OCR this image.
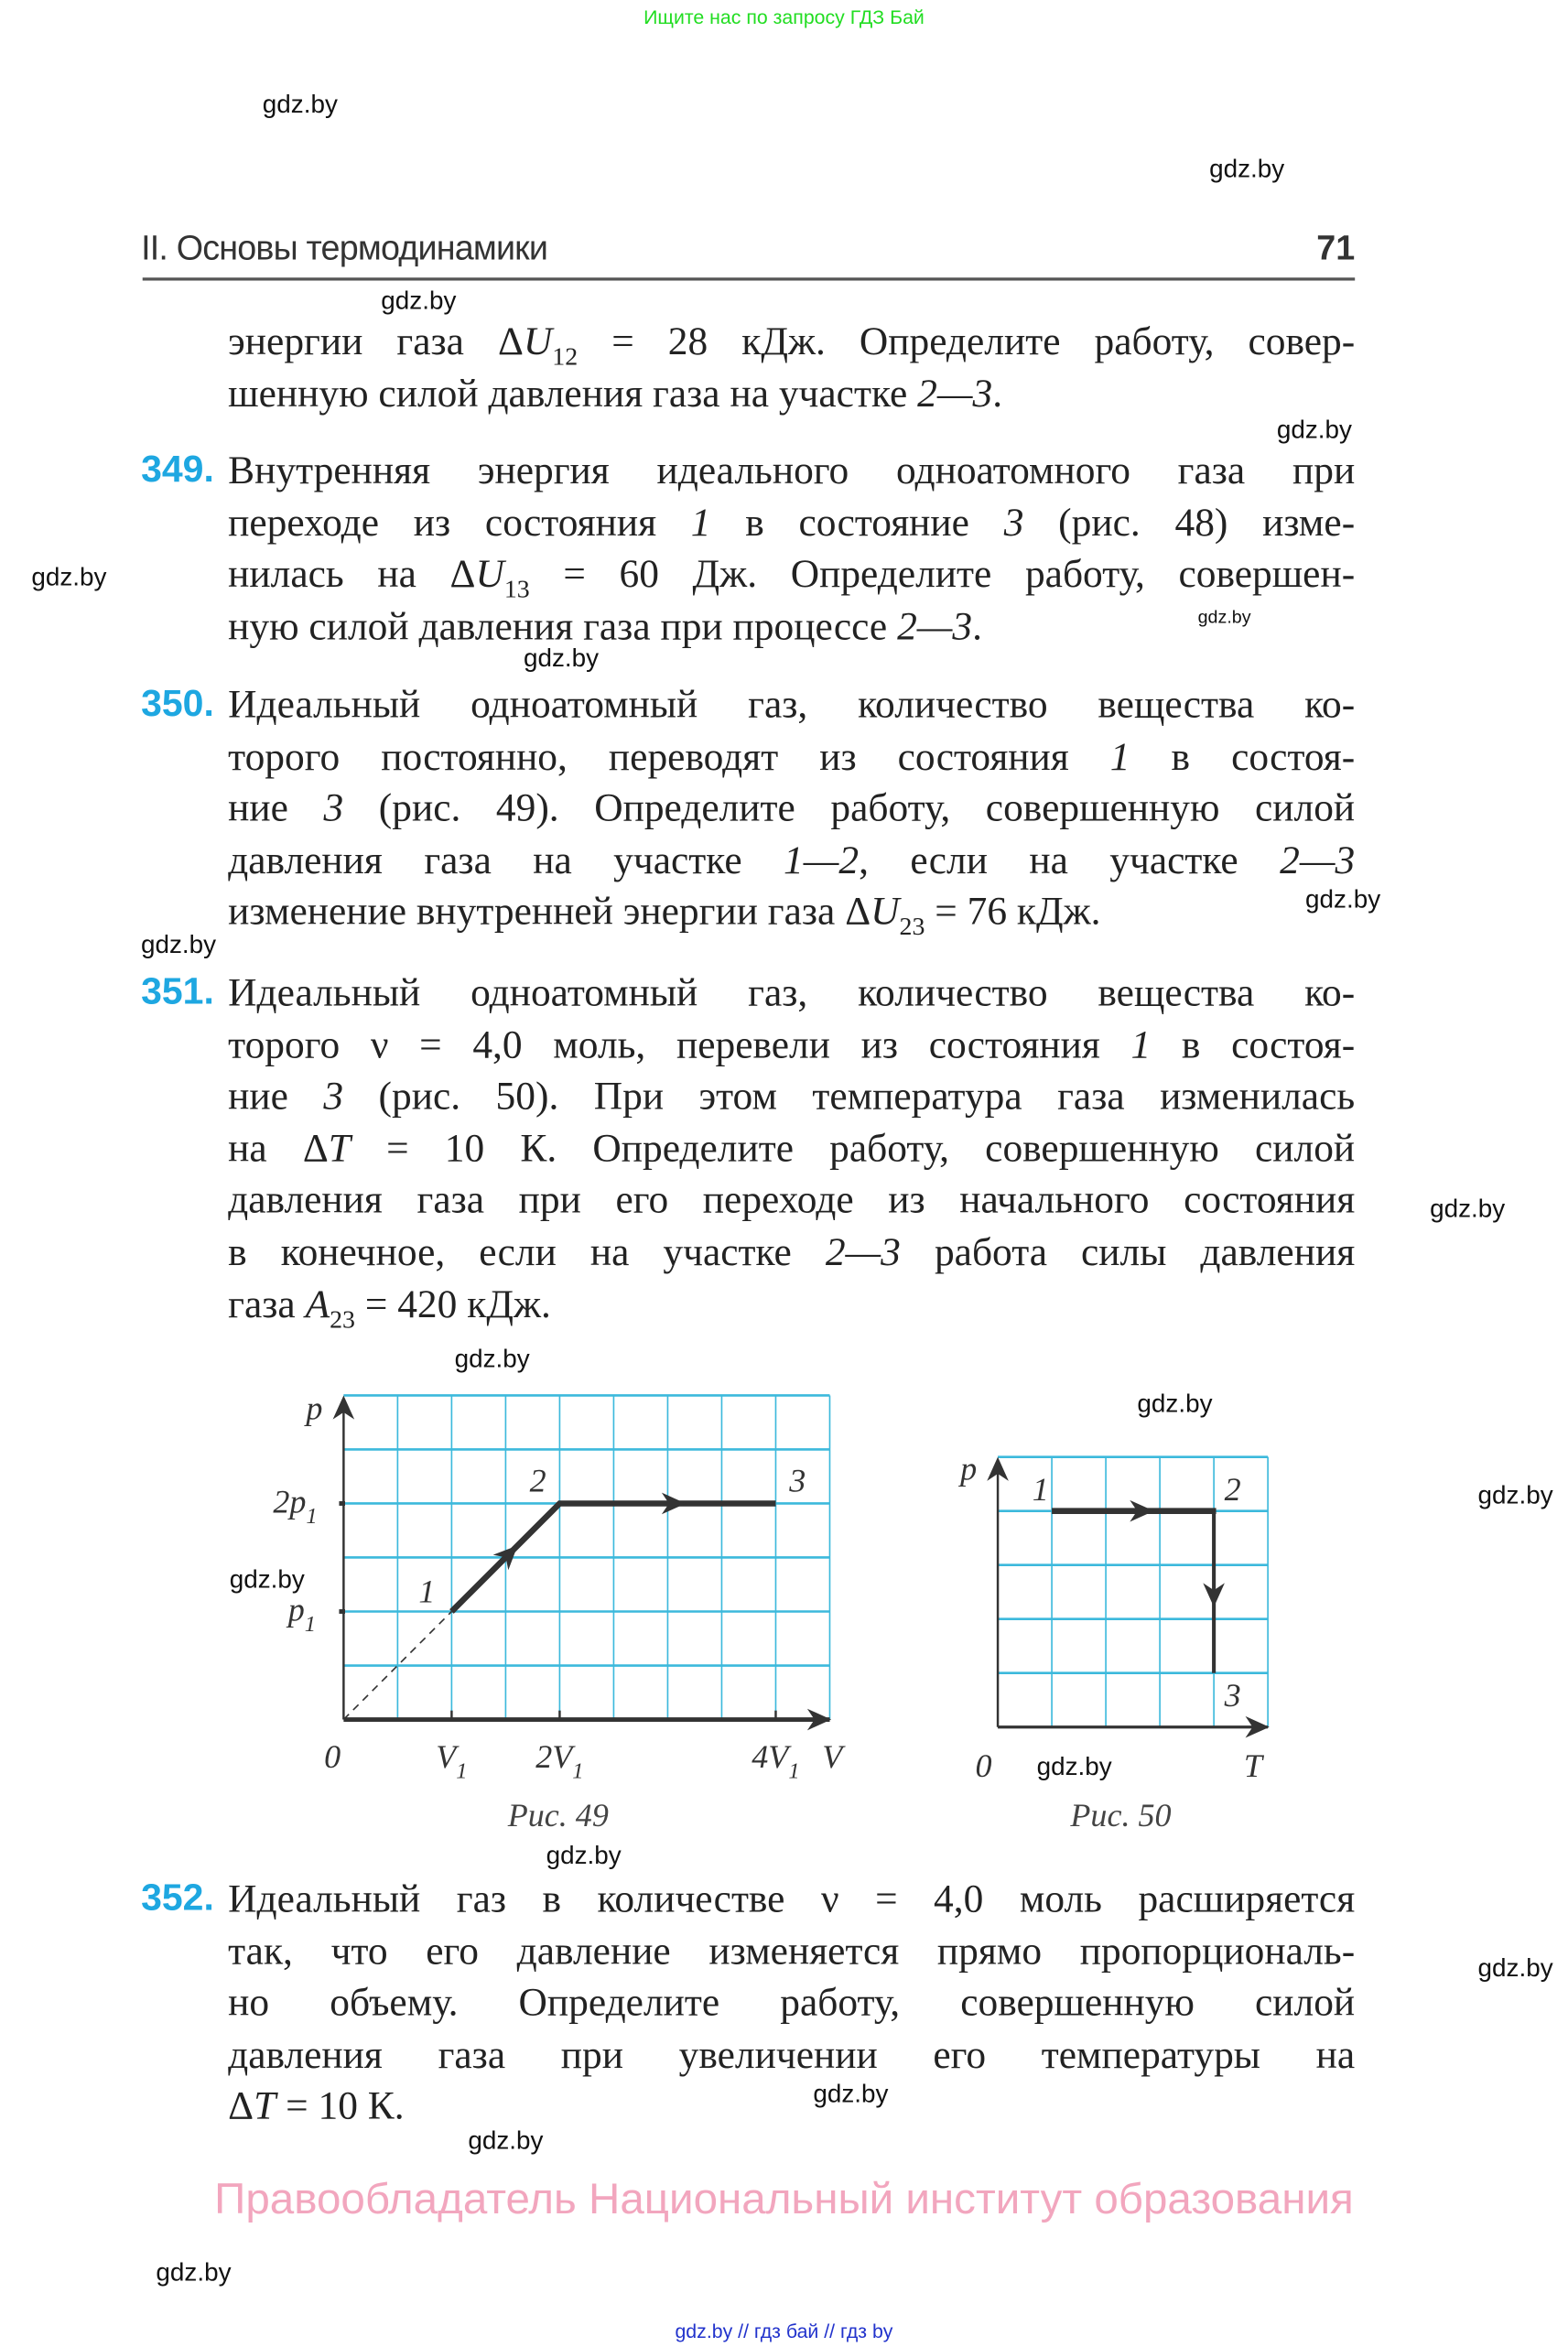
Ищите нас по запросу ГДЗ Бай
II. Основы термодинамики	71
энергии газа $\Delta U_{12} = 28$ кДж. Определите работу, совер-
шенную силой давления газа на участке 2—3.
349. Внутренняя энергия идеального одноатомного газа при
переходе из состояния 1 в состояние 3 (рис. 48) изме-
нилась на $\Delta U_{13} = 60$ Дж. Определите работу, совершен-
ную силой давления газа при процессе 2—3.
350. Идеальный одноатомный газ, количество вещества ко-
торого постоянно, переводят из состояния 1 в состоя-
ние 3 (рис. 49). Определите работу, совершенную силой
давления газа на участке 1—2, если на участке 2—3
изменение внутренней энергии газа $\Delta U_{23} = 76$ кДж.
351. Идеальный одноатомный газ, количество вещества ко-
торого ν = 4,0 моль, перевели из состояния 1 в состоя-
ние 3 (рис. 50). При этом температура газа изменилась
на ΔT = 10 К. Определите работу, совершенную силой
давления газа при его переходе из начального состояния
в конечное, если на участке 2—3 работа силы давления
газа $A_{23} = 420$ кДж.
352. Идеальный газ в количестве ν = 4,0 моль расширяется
так, что его давление изменяется прямо пропорциональ-
но объему. Определите работу, совершенную силой
давления газа при увеличении его температуры на
ΔT = 10 К.
$V_1$	$2V_1$	$4V_1$
$2p_1$
$p_1$
V
p
0
1
2	3	1	2
3
T
p
0
Рис. 49	Рис. 50
gdz.by
gdz.by
gdz.by
gdz.by
gdz.by
gdz.by
gdz.by
gdz.by
gdz.by
gdz.by
gdz.by
gdz.by
gdz.by
gdz.by
gdz.by
gdz.by
gdz.by
gdz.by
gdz.by
gdz.by
Правообладатель Национальный институт образования
gdz.by // гдз бай // гдз by
